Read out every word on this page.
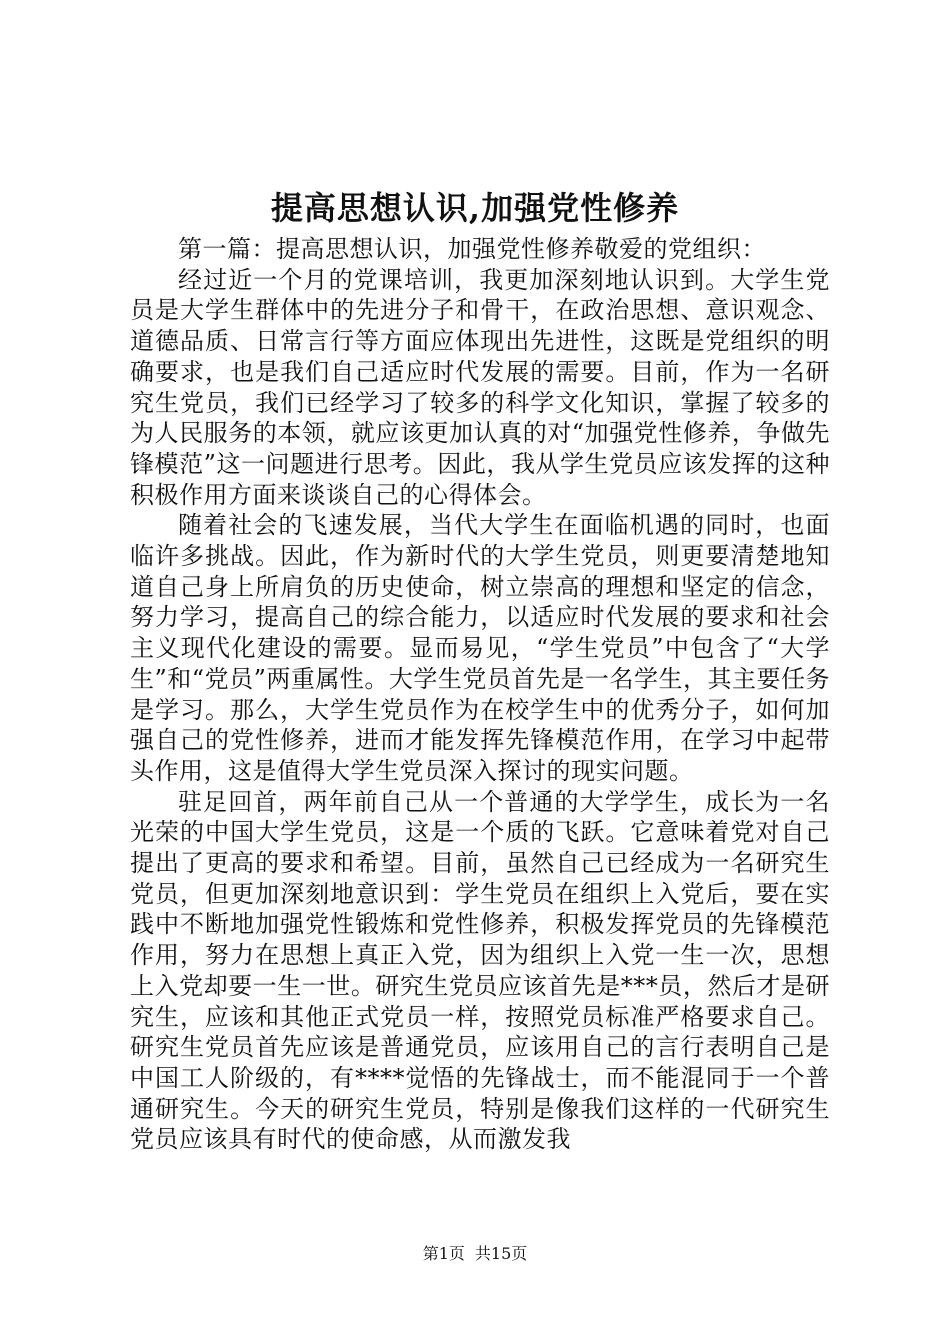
提高思想认识,加强党性修养

第一篇：提高思想认识，加强党性修养敬爱的党组织：

经过近一个月的党课培训，我更加深刻地认识到。大学生党员是大学生群体中的先进分子和骨干，在政治思想、意识观念、道德品质、日常言行等方面应体现出先进性，这既是党组织的明确要求，也是我们自己适应时代发展的需要。目前，作为一名研究生党员，我们已经学习了较多的科学文化知识，掌握了较多的为人民服务的本领，就应该更加认真的对“加强党性修养，争做先锋模范”这一问题进行思考。因此，我从学生党员应该发挥的这种积极作用方面来谈谈自己的心得体会。

随着社会的飞速发展，当代大学生在面临机遇的同时，也面临许多挑战。因此，作为新时代的大学生党员，则更要清楚地知道自己身上所肩负的历史使命，树立崇高的理想和坚定的信念，努力学习，提高自己的综合能力，以适应时代发展的要求和社会主义现代化建设的需要。显而易见，“学生党员”中包含了“大学生”和“党员”两重属性。大学生党员首先是一名学生，其主要任务是学习。那么，大学生党员作为在校学生中的优秀分子，如何加强自己的党性修养，进而才能发挥先锋模范作用，在学习中起带头作用，这是值得大学生党员深入探讨的现实问题。

驻足回首，两年前自己从一个普通的大学学生，成长为一名光荣的中国大学生党员，这是一个质的飞跃。它意味着党对自己提出了更高的要求和希望。目前，虽然自己已经成为一名研究生党员，但更加深刻地意识到：学生党员在组织上入党后，要在实践中不断地加强党性锻炼和党性修养，积极发挥党员的先锋模范作用，努力在思想上真正入党，因为组织上入党一生一次，思想上入党却要一生一世。研究生党员应该首先是***员，然后才是研究生，应该和其他正式党员一样，按照党员标准严格要求自己。研究生党员首先应该是普通党员，应该用自己的言行表明自己是中国工人阶级的，有****觉悟的先锋战士，而不能混同于一个普通研究生。今天的研究生党员，特别是像我们这样的一代研究生党员应该具有时代的使命感，从而激发我

第1页 共15页
